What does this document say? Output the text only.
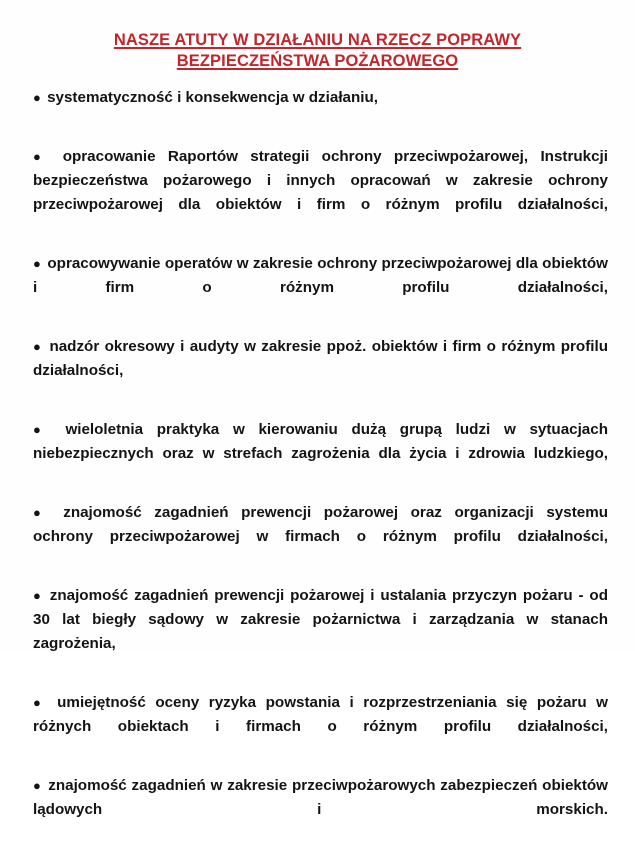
NASZE ATUTY W DZIAŁANIU NA RZECZ POPRAWY
BEZPIECZEŃSTWA POŻAROWEGO
● systematyczność i konsekwencja w działaniu,
● opracowanie Raportów strategii ochrony przeciwpożarowej, Instrukcji bezpieczeństwa pożarowego i innych opracowań w zakresie ochrony przeciwpożarowej dla obiektów i firm o różnym profilu działalności,
● opracowywanie operatów w zakresie ochrony przeciwpożarowej dla obiektów i firm o różnym profilu działalności,
● nadzór okresowy i audyty w zakresie ppoż. obiektów i firm o różnym profilu działalności,
● wieloletnia praktyka w kierowaniu dużą grupą ludzi w sytuacjach niebezpiecznych oraz w strefach zagrożenia dla życia i zdrowia ludzkiego,
● znajomość zagadnień prewencji pożarowej oraz organizacji systemu ochrony przeciwpożarowej w firmach o różnym profilu działalności,
● znajomość zagadnień prewencji pożarowej i ustalania przyczyn pożaru - od 30 lat biegły sądowy w zakresie pożarnictwa i zarządzania w stanach zagrożenia,
● umiejętność oceny ryzyka powstania i rozprzestrzeniania się pożaru w różnych obiektach i firmach o różnym profilu działalności,
● znajomość zagadnień w zakresie przeciwpożarowych zabezpieczeń obiektów lądowych i morskich.
